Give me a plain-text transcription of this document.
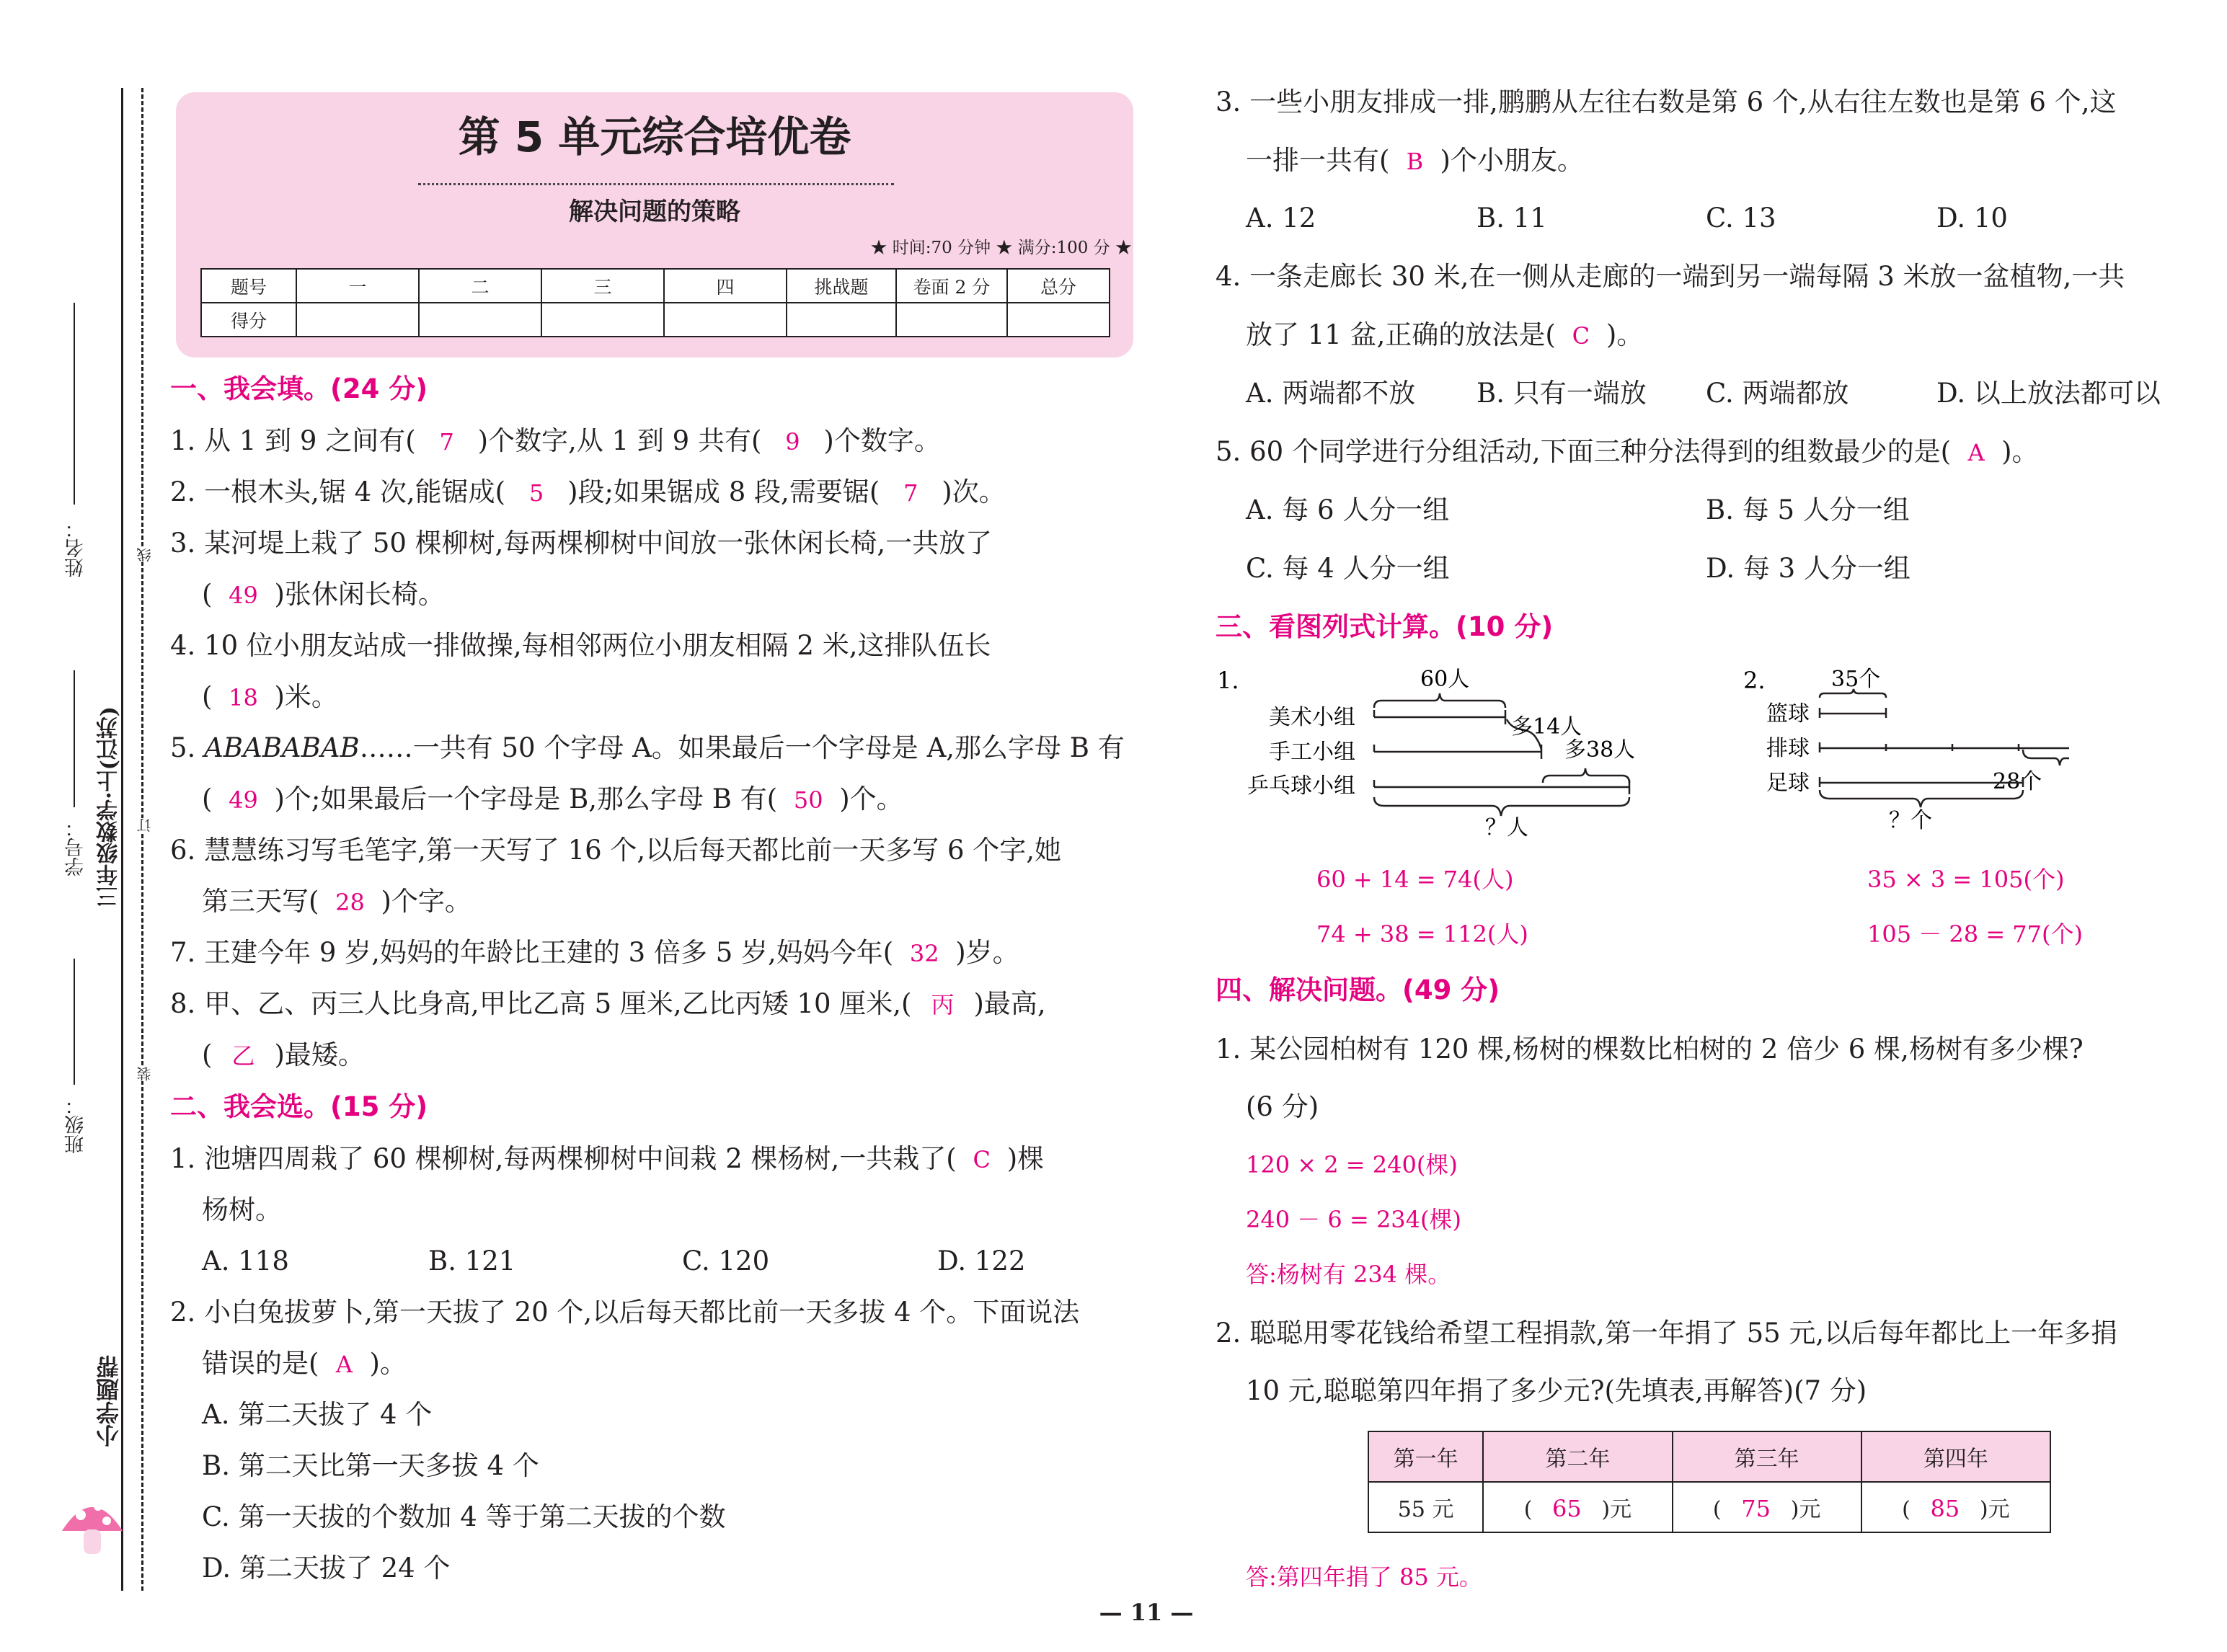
班级：
学号：
姓名：
三年级数学·上(江苏)
装
订
线
小学题帮
第 5 单元综合培优卷
解决问题的策略
★ 时间:70 分钟 ★ 满分:100 分 ★
题号	一	二	三	四	挑战题	卷面 2 分	总分
得分							
一、我会填。(24 分)
1. 从 1 到 9 之间有( 7 )个数字,从 1 到 9 共有( 9 )个数字。
2. 一根木头,锯 4 次,能锯成( 5 )段;如果锯成 8 段,需要锯( 7 )次。
3. 某河堤上栽了 50 棵柳树,每两棵柳树中间放一张休闲长椅,一共放了
( 49 )张休闲长椅。
4. 10 位小朋友站成一排做操,每相邻两位小朋友相隔 2 米,这排队伍长
( 18 )米。
5. ABABABAB……一共有 50 个字母 A。如果最后一个字母是 A,那么字母 B 有
( 49 )个;如果最后一个字母是 B,那么字母 B 有( 50 )个。
6. 慧慧练习写毛笔字,第一天写了 16 个,以后每天都比前一天多写 6 个字,她
第三天写( 28 )个字。
7. 王建今年 9 岁,妈妈的年龄比王建的 3 倍多 5 岁,妈妈今年( 32 )岁。
8. 甲、乙、丙三人比身高,甲比乙高 5 厘米,乙比丙矮 10 厘米,( 丙 )最高,
( 乙 )最矮。
二、我会选。(15 分)
1. 池塘四周栽了 60 棵柳树,每两棵柳树中间栽 2 棵杨树,一共栽了( C )棵
杨树。
A. 118	B. 121	C. 120	D. 122
2. 小白兔拔萝卜,第一天拔了 20 个,以后每天都比前一天多拔 4 个。下面说法
错误的是( A )。
A. 第二天拔了 4 个
B. 第二天比第一天多拔 4 个
C. 第一天拔的个数加 4 等于第二天拔的个数
D. 第二天拔了 24 个
3. 一些小朋友排成一排,鹏鹏从左往右数是第 6 个,从右往左数也是第 6 个,这
一排一共有( B )个小朋友。
A. 12	B. 11	C. 13	D. 10
4. 一条走廊长 30 米,在一侧从走廊的一端到另一端每隔 3 米放一盆植物,一共
放了 11 盆,正确的放法是( C )。
A. 两端都不放 B. 只有一端放 C. 两端都放	D. 以上放法都可以
5. 60 个同学进行分组活动,下面三种分法得到的组数最少的是( A )。
A. 每 6 人分一组	B. 每 5 人分一组
C. 每 4 人分一组	D. 每 3 人分一组
三、看图列式计算。(10 分)
1.
美术小组
手工小组
乒乓球小组
60人
多14人
多38人
？人
2.
篮球
排球
足球
35个
28个
？个
60 + 14 = 74(人)
74 + 38 = 112(人)
35 × 3 = 105(个)
105 － 28 = 77(个)
四、解决问题。(49 分)
1. 某公园柏树有 120 棵,杨树的棵数比柏树的 2 倍少 6 棵,杨树有多少棵?
(6 分)
120 × 2 = 240(棵)
240 － 6 = 234(棵)
答:杨树有 234 棵。
2. 聪聪用零花钱给希望工程捐款,第一年捐了 55 元,以后每年都比上一年多捐
10 元,聪聪第四年捐了多少元?(先填表,再解答)(7 分)
第一年	第二年	第三年	第四年
55 元	( 65 )元	( 75 )元	( 85 )元
答:第四年捐了 85 元。
— 11 —
